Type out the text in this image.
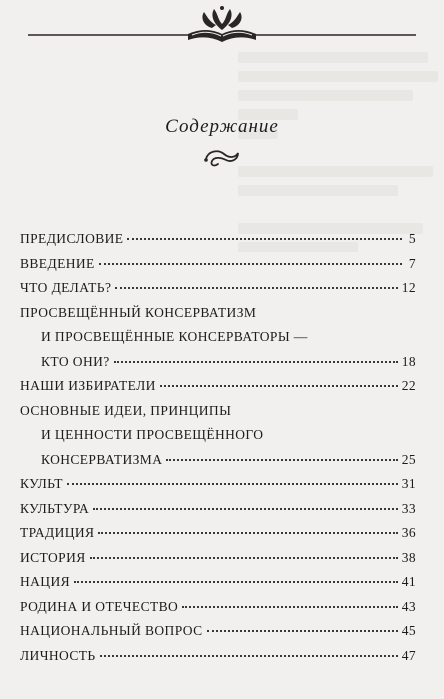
Содержание
ПРЕДИСЛОВИЕ	5
ВВЕДЕНИЕ	7
ЧТО ДЕЛАТЬ?	12
ПРОСВЕЩЁННЫЙ КОНСЕРВАТИЗМ
И ПРОСВЕЩЁННЫЕ КОНСЕРВАТОРЫ —
КТО ОНИ?	18
НАШИ ИЗБИРАТЕЛИ	22
ОСНОВНЫЕ ИДЕИ, ПРИНЦИПЫ
И ЦЕННОСТИ ПРОСВЕЩЁННОГО
КОНСЕРВАТИЗМА	25
КУЛЬТ	31
КУЛЬТУРА	33
ТРАДИЦИЯ	36
ИСТОРИЯ	38
НАЦИЯ	41
РОДИНА И ОТЕЧЕСТВО	43
НАЦИОНАЛЬНЫЙ ВОПРОС	45
ЛИЧНОСТЬ	47
